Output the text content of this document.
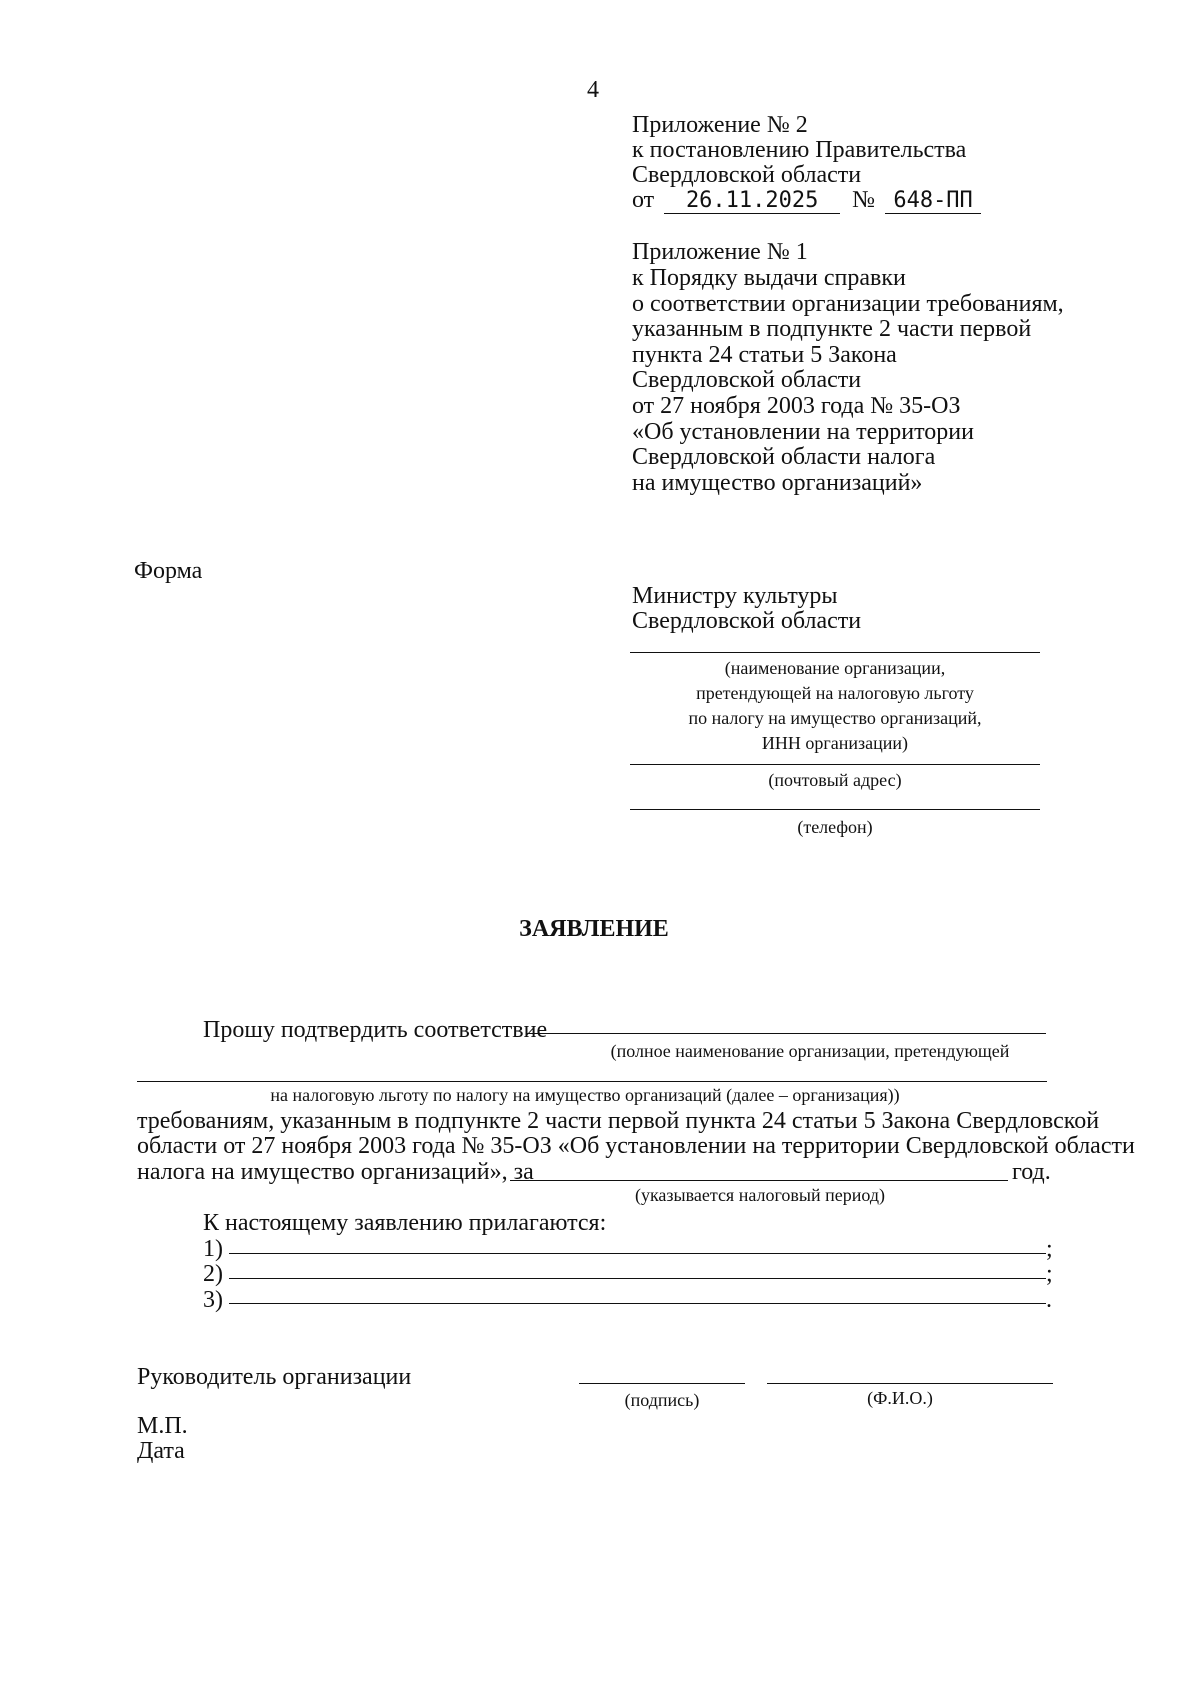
4
Приложение № 2
к постановлению Правительства
Свердловской области
от 26.11.2025 № 648-ПП
Приложение № 1
к Порядку выдачи справки
о соответствии организации требованиям,
указанным в подпункте 2 части первой
пункта 24 статьи 5 Закона
Свердловской области
от 27 ноября 2003 года № 35-ОЗ
«Об установлении на территории
Свердловской области налога
на имущество организаций»
Форма
Министру культуры
Свердловской области
(наименование организации,
претендующей на налоговую льготу
по налогу на имущество организаций,
ИНН организации)
(почтовый адрес)
(телефон)
ЗАЯВЛЕНИЕ
Прошу подтвердить соответствие
(полное наименование организации, претендующей
на налоговую льготу по налогу на имущество организаций (далее – организация))
требованиям, указанным в подпункте 2 части первой пункта 24 статьи 5 Закона Свердловской
области от 27 ноября 2003 года № 35-ОЗ «Об установлении на территории Свердловской области
налога на имущество организаций», за	год.
(указывается налоговый период)
К настоящему заявлению прилагаются:
1)	;
2)	;
3)	.
Руководитель организации
(подпись)	(Ф.И.О.)
М.П.
Дата
